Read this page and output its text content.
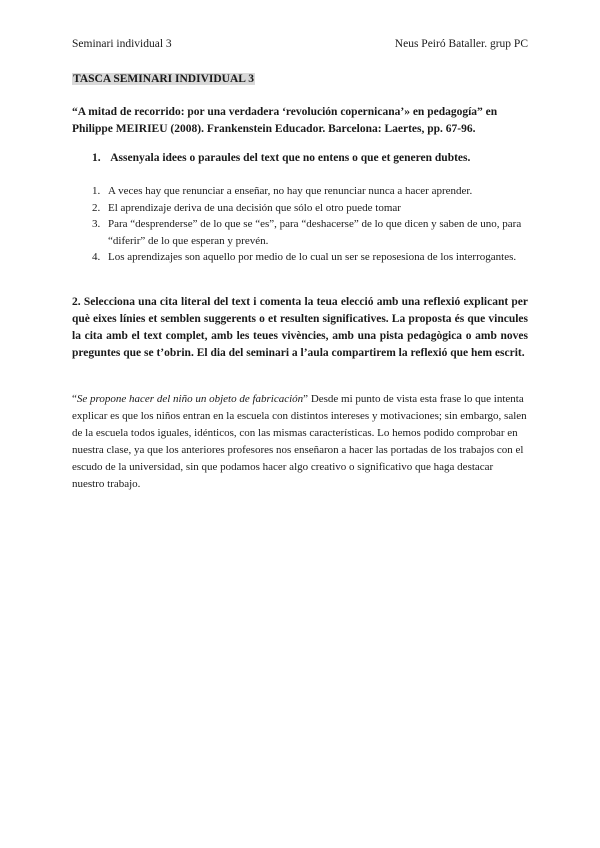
Seminari individual 3	Neus Peiró Bataller. grup PC
TASCA SEMINARI INDIVIDUAL 3
“A mitad de recorrido: por una verdadera ‘revolución copernicana’» en pedagogía” en Philippe MEIRIEU (2008). Frankenstein Educador. Barcelona: Laertes, pp. 67-96.
1. Assenyala idees o paraules del text que no entens o que et generen dubtes.
1. A veces hay que renunciar a enseñar, no hay que renunciar nunca a hacer aprender.
2. El aprendizaje deriva de una decisión que sólo el otro puede tomar
3. Para “desprenderse” de lo que se “es”, para “deshacerse” de lo que dicen y saben de uno, para “diferir” de lo que esperan y prevén.
4. Los aprendizajes son aquello por medio de lo cual un ser se reposesiona de los interrogantes.
2. Selecciona una cita literal del text i comenta la teua elecció amb una reflexió explicant per què eixes línies et semblen suggerents o et resulten significatives. La proposta és que vincules la cita amb el text complet, amb les teues vivències, amb una pista pedagògica o amb noves preguntes que se t’obrin. El dia del seminari a l’aula compartirem la reflexió que hem escrit.
“Se propone hacer del niño un objeto de fabricación” Desde mi punto de vista esta frase lo que intenta explicar es que los niños entran en la escuela con distintos intereses y motivaciones; sin embargo, salen de la escuela todos iguales, idénticos, con las mismas características. Lo hemos podido comprobar en nuestra clase, ya que los anteriores profesores nos enseñaron a hacer las portadas de los trabajos con el escudo de la universidad, sin que podamos hacer algo creativo o significativo que haga destacar nuestro trabajo.
